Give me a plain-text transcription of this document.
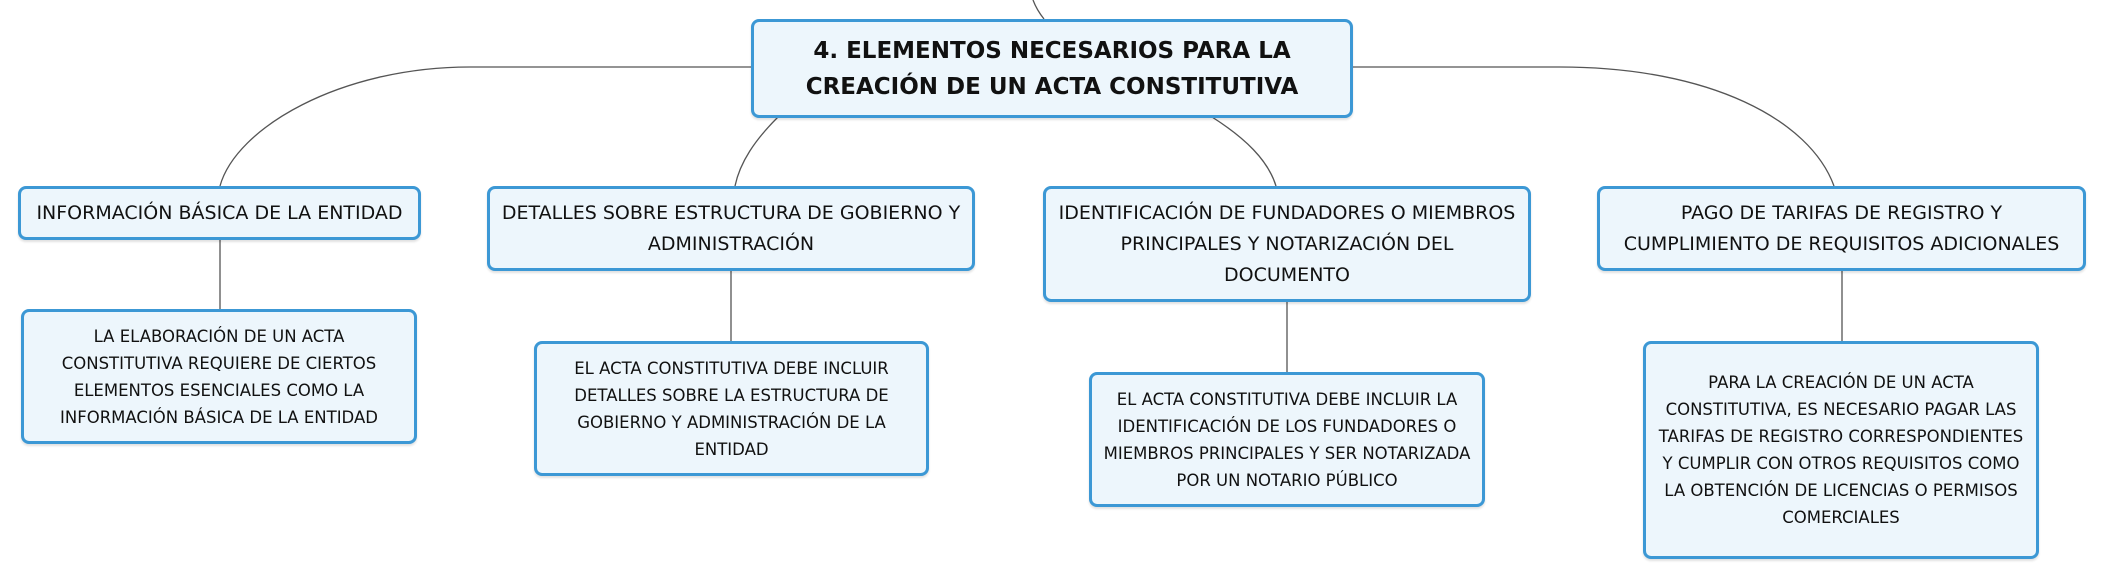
4. ELEMENTOS NECESARIOS PARA LA CREACIÓN DE UN ACTA CONSTITUTIVA
INFORMACIÓN BÁSICA DE LA ENTIDAD	DETALLES SOBRE ESTRUCTURA DE GOBIERNO Y ADMINISTRACIÓN
IDENTIFICACIÓN DE FUNDADORES O MIEMBROS PRINCIPALES Y NOTARIZACIÓN DEL DOCUMENTO
PAGO DE TARIFAS DE REGISTRO Y CUMPLIMIENTO DE REQUISITOS ADICIONALES
LA ELABORACIÓN DE UN ACTA CONSTITUTIVA REQUIERE DE CIERTOS ELEMENTOS ESENCIALES COMO LA INFORMACIÓN BÁSICA DE LA ENTIDAD
EL ACTA CONSTITUTIVA DEBE INCLUIR DETALLES SOBRE LA ESTRUCTURA DE GOBIERNO Y ADMINISTRACIÓN DE LA ENTIDAD
EL ACTA CONSTITUTIVA DEBE INCLUIR LA IDENTIFICACIÓN DE LOS FUNDADORES O MIEMBROS PRINCIPALES Y SER NOTARIZADA POR UN NOTARIO PÚBLICO
PARA LA CREACIÓN DE UN ACTA CONSTITUTIVA, ES NECESARIO PAGAR LAS TARIFAS DE REGISTRO CORRESPONDIENTES Y CUMPLIR CON OTROS REQUISITOS COMO LA OBTENCIÓN DE LICENCIAS O PERMISOS COMERCIALES
